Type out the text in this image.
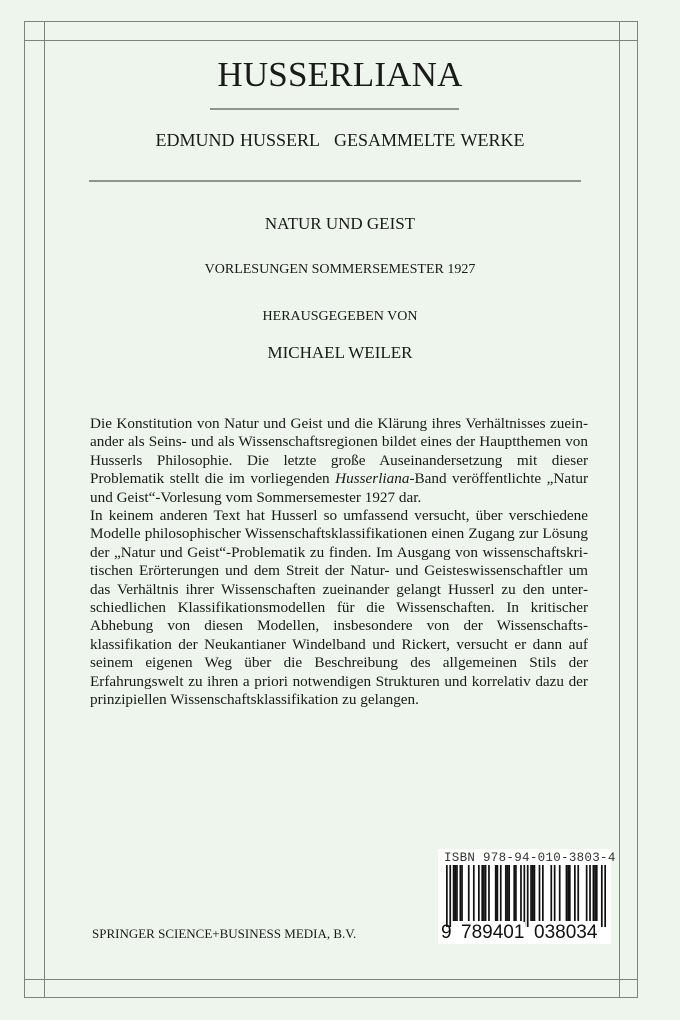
HUSSERLIANA
EDMUND HUSSERL GESAMMELTE WERKE
NATUR UND GEIST
VORLESUNGEN SOMMERSEMESTER 1927
HERAUSGEGEBEN VON
MICHAEL WEILER

Die Konstitution von Natur und Geist und die Klärung ihres Verhältnisses zueinander als Seins- und als Wissenschaftsregionen bildet eines der Hauptthemen von Husserls Philosophie. Die letzte große Auseinandersetzung mit dieser Problematik stellt die im vorliegenden Husserliana-Band veröffentlichte „Natur und Geist“-Vorlesung vom Sommersemester 1927 dar.

In keinem anderen Text hat Husserl so umfassend versucht, über verschiedene Modelle philosophischer Wissenschaftsklassifikationen einen Zugang zur Lösung der „Natur und Geist“-Problematik zu finden. Im Ausgang von wissenschaftskritischen Erörterungen und dem Streit der Natur- und Geisteswissenschaftler um das Verhältnis ihrer Wissenschaften zueinander gelangt Husserl zu den unterschiedlichen Klassifikationsmodellen für die Wissenschaften. In kritischer Abhebung von diesen Modellen, insbesondere von der Wissenschaftsklassifikation der Neukantianer Windelband und Rickert, versucht er dann auf seinem eigenen Weg über die Beschreibung des allgemeinen Stils der Erfahrungswelt zu ihren a priori notwendigen Strukturen und korrelativ dazu der prinzipiellen Wissenschaftsklassifikation zu gelangen.

SPRINGER SCIENCE+BUSINESS MEDIA, B.V.
ISBN 978-94-010-3803-4
9 789401 038034
